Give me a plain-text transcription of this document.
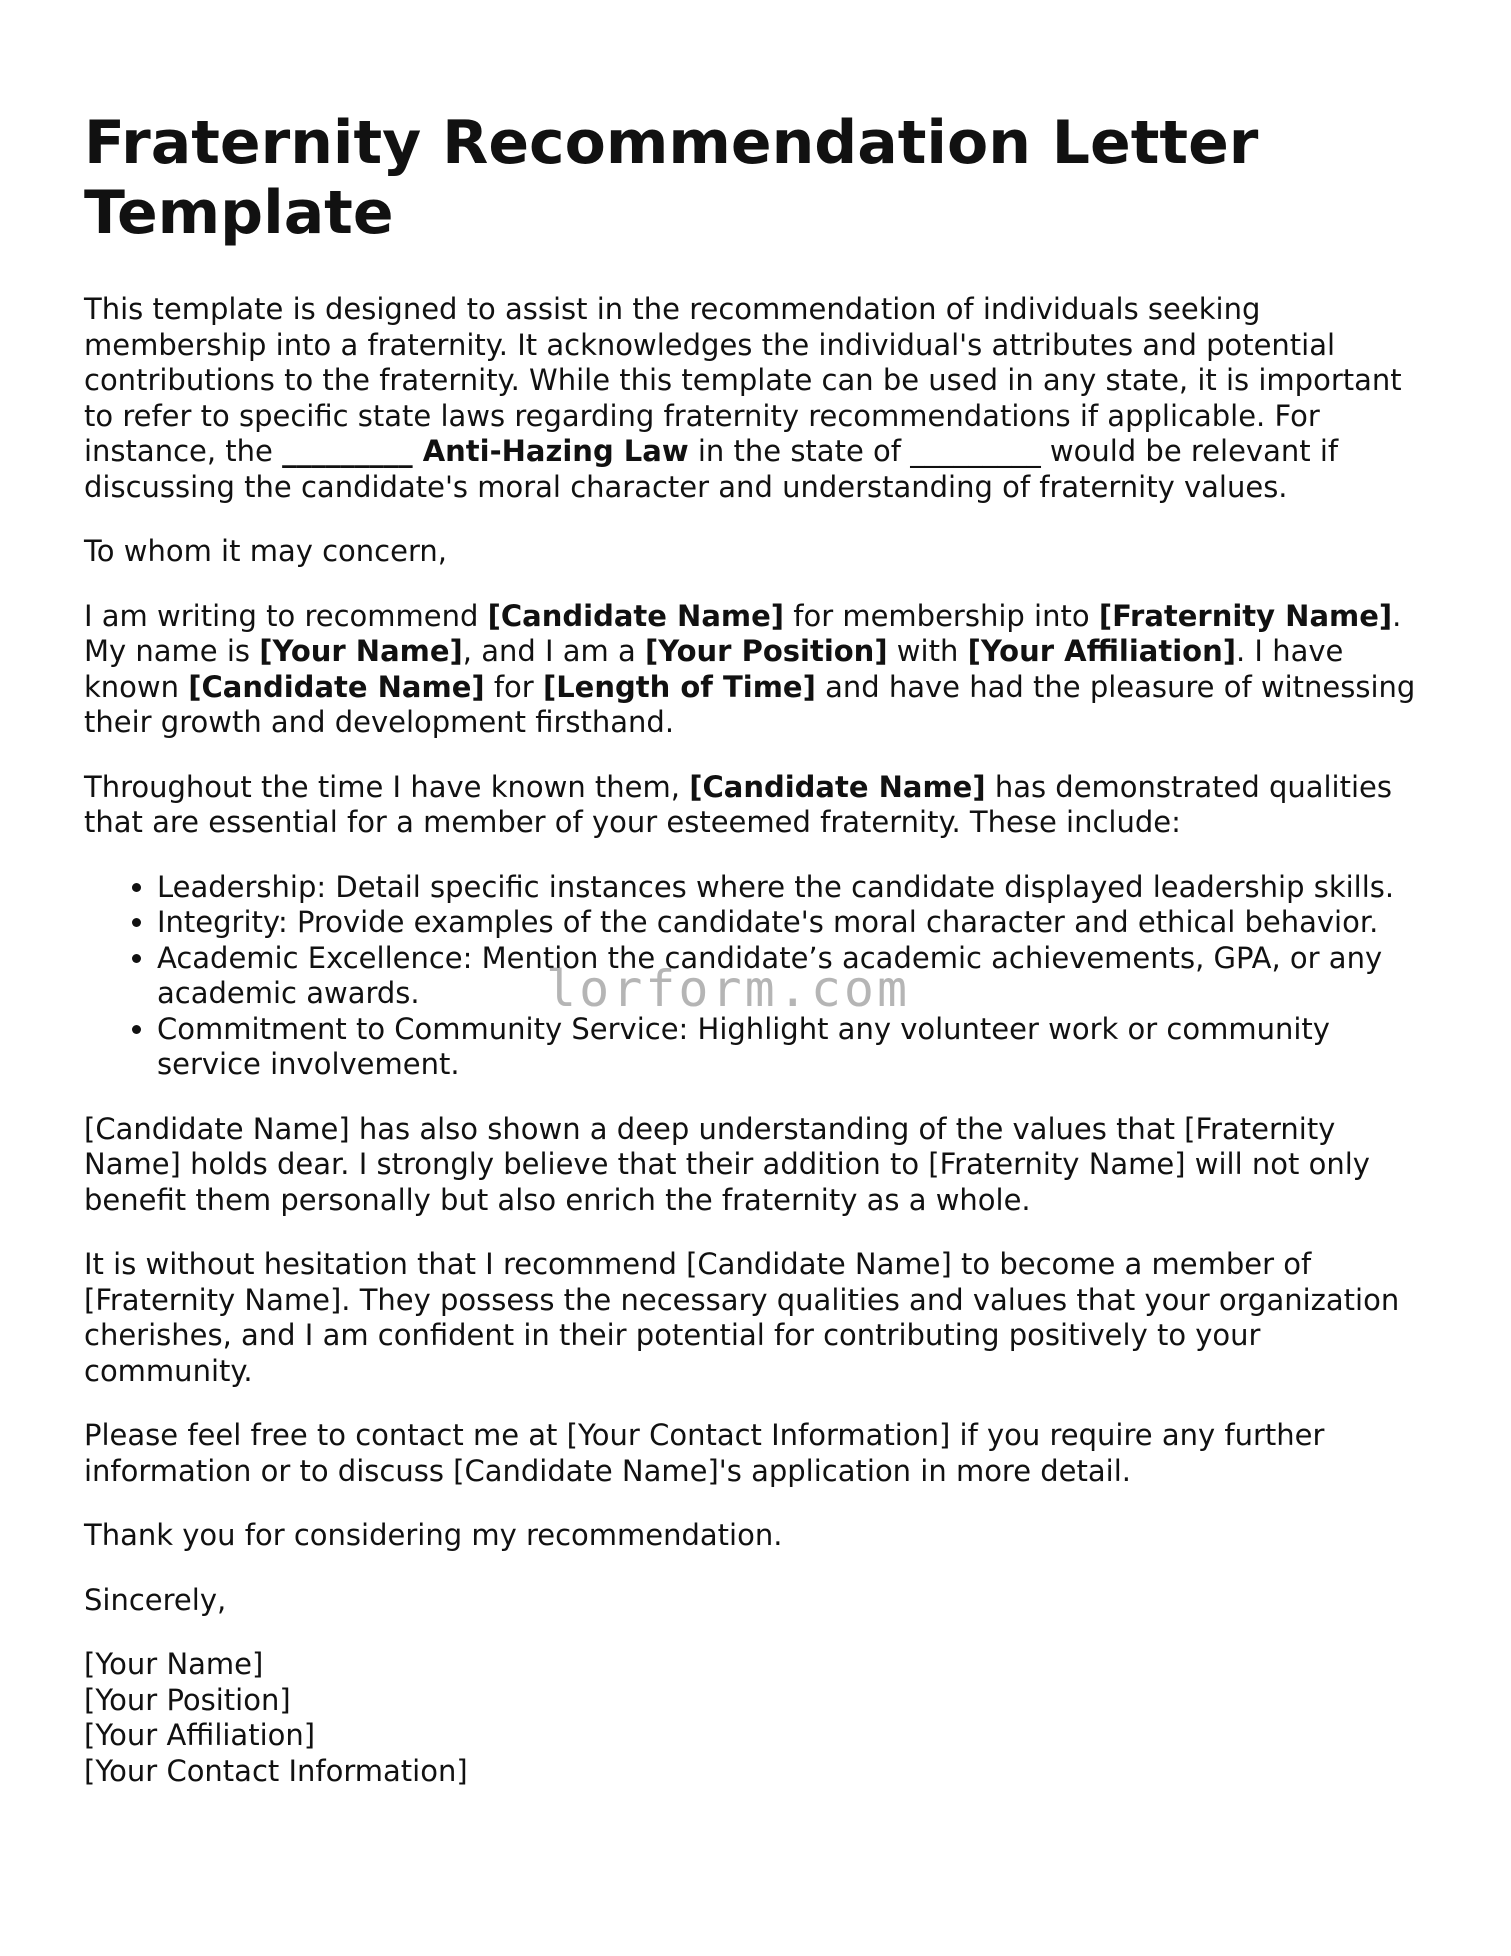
Fraternity Recommendation Letter Template

This template is designed to assist in the recommendation of individuals seeking membership into a fraternity. It acknowledges the individual's attributes and potential contributions to the fraternity. While this template can be used in any state, it is important to refer to specific state laws regarding fraternity recommendations if applicable. For instance, the _________ Anti-Hazing Law in the state of _________ would be relevant if discussing the candidate's moral character and understanding of fraternity values.

To whom it may concern,

I am writing to recommend [Candidate Name] for membership into [Fraternity Name]. My name is [Your Name], and I am a [Your Position] with [Your Affiliation]. I have known [Candidate Name] for [Length of Time] and have had the pleasure of witnessing their growth and development firsthand.

Throughout the time I have known them, [Candidate Name] has demonstrated qualities that are essential for a member of your esteemed fraternity. These include:

• Leadership: Detail specific instances where the candidate displayed leadership skills.
• Integrity: Provide examples of the candidate's moral character and ethical behavior.
• Academic Excellence: Mention the candidate’s academic achievements, GPA, or any academic awards.
• Commitment to Community Service: Highlight any volunteer work or community service involvement.

[Candidate Name] has also shown a deep understanding of the values that [Fraternity Name] holds dear. I strongly believe that their addition to [Fraternity Name] will not only benefit them personally but also enrich the fraternity as a whole.

It is without hesitation that I recommend [Candidate Name] to become a member of [Fraternity Name]. They possess the necessary qualities and values that your organization cherishes, and I am confident in their potential for contributing positively to your community.

Please feel free to contact me at [Your Contact Information] if you require any further information or to discuss [Candidate Name]'s application in more detail.

Thank you for considering my recommendation.

Sincerely,

[Your Name]
[Your Position]
[Your Affiliation]
[Your Contact Information]

lorform.com
